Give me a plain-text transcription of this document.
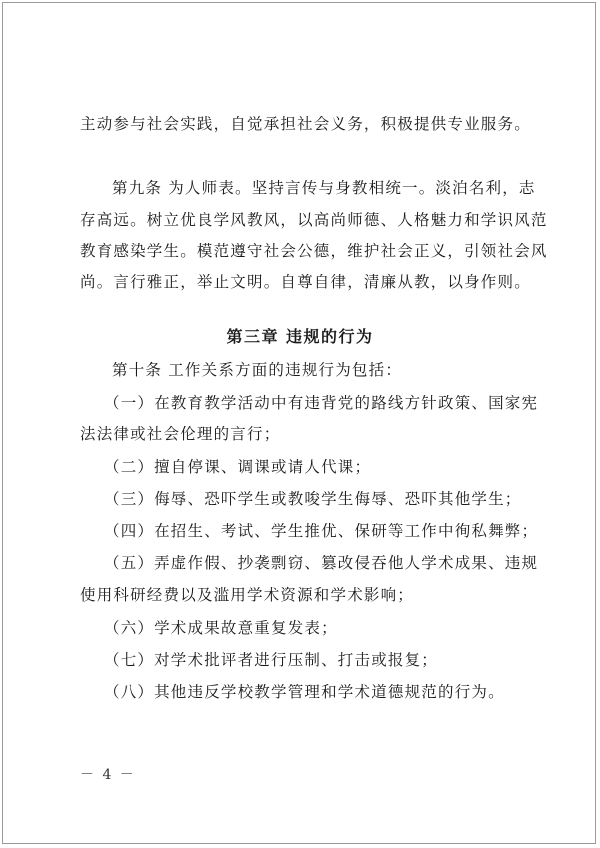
主动参与社会实践，自觉承担社会义务，积极提供专业服务。
第九条 为人师表。坚持言传与身教相统一。淡泊名利，志
存高远。树立优良学风教风，以高尚师德、人格魅力和学识风范
教育感染学生。模范遵守社会公德，维护社会正义，引领社会风
尚。言行雅正，举止文明。自尊自律，清廉从教，以身作则。
第三章 违规的行为
第十条 工作关系方面的违规行为包括：
（一）在教育教学活动中有违背党的路线方针政策、国家宪
法法律或社会伦理的言行；
（二）擅自停课、调课或请人代课；
（三）侮辱、恐吓学生或教唆学生侮辱、恐吓其他学生；
（四）在招生、考试、学生推优、保研等工作中徇私舞弊；
（五）弄虚作假、抄袭剽窃、篡改侵吞他人学术成果、违规
使用科研经费以及滥用学术资源和学术影响；
（六）学术成果故意重复发表；
（七）对学术批评者进行压制、打击或报复；
（八）其他违反学校教学管理和学术道德规范的行为。
－ 4 －
